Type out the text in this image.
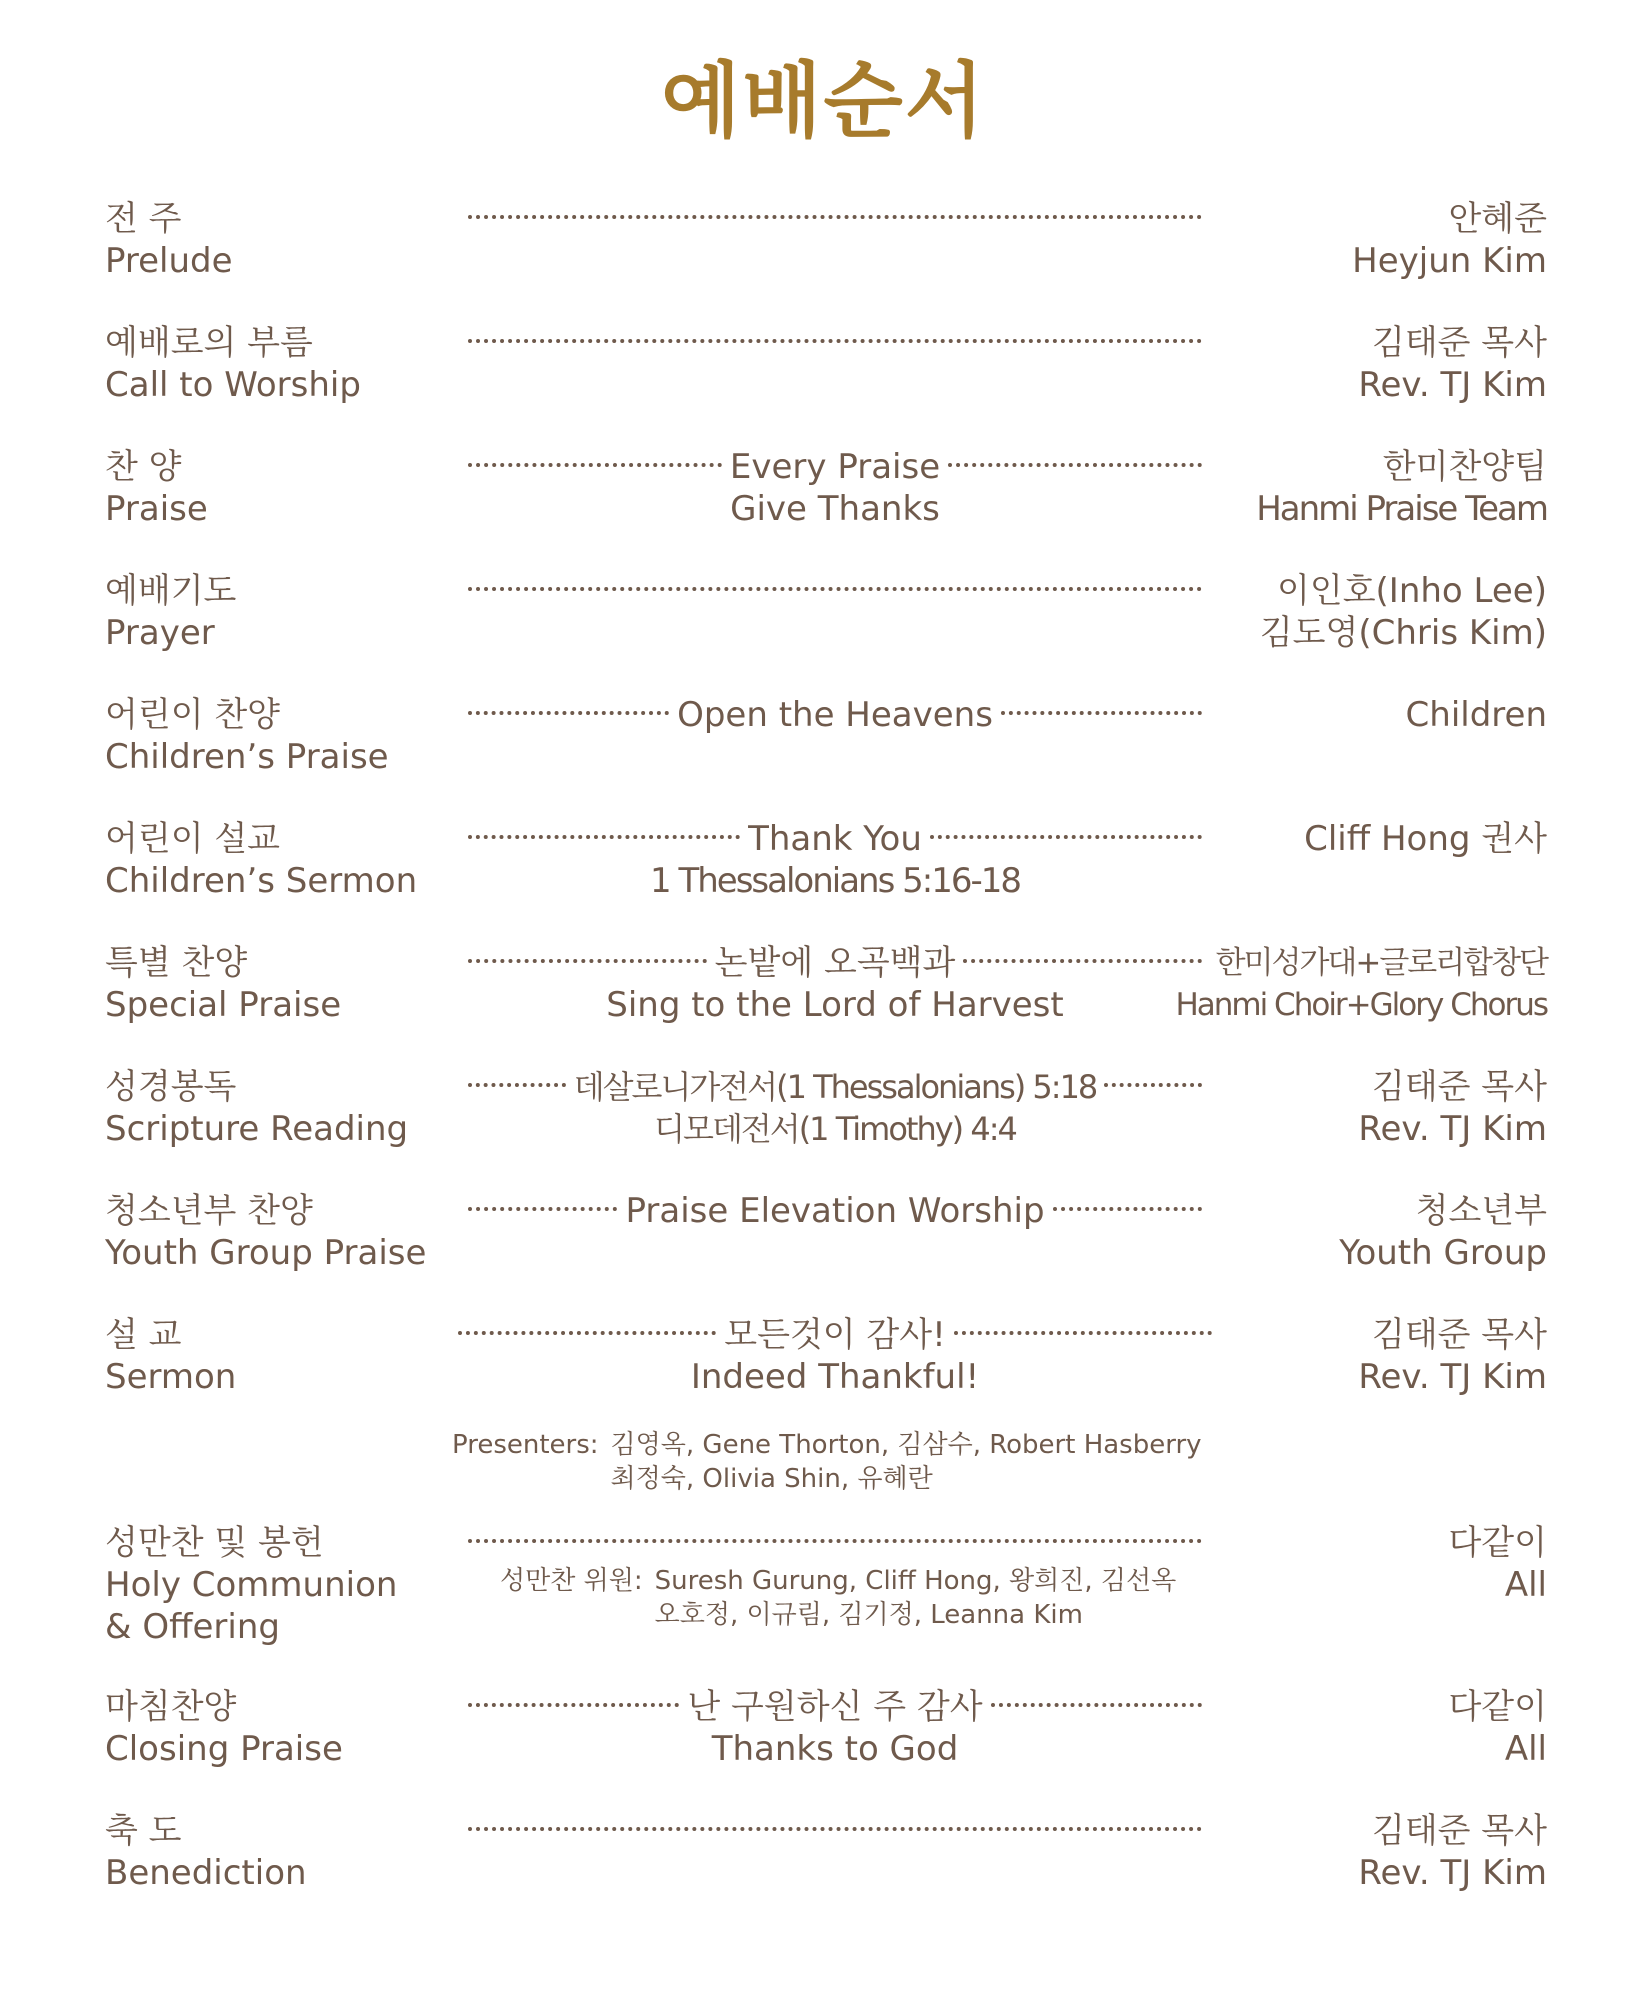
예배순서
전 주
Prelude
안혜준
Heyjun Kim
예배로의 부름
Call to Worship
김태준 목사
Rev. TJ Kim
찬 양
Praise
Every Praise
Give Thanks
한미찬양팀
Hanmi Praise Team
예배기도
Prayer
이인호(Inho Lee)
김도영(Chris Kim)
어린이 찬양
Children’s Praise
Open the Heavens	Children
어린이 설교
Children’s Sermon
Thank You
1 Thessalonians 5:16-18
Cliff Hong 권사
특별 찬양
Special Praise
논밭에 오곡백과
Sing to the Lord of Harvest
한미성가대+글로리합창단
Hanmi Choir+Glory Chorus
성경봉독
Scripture Reading
데살로니가전서(1 Thessalonians) 5:18
디모데전서(1 Timothy) 4:4
김태준 목사
Rev. TJ Kim
청소년부 찬양
Youth Group Praise
Praise Elevation Worship	청소년부
Youth Group
설 교
Sermon
모든것이 감사!
Indeed Thankful!
김태준 목사
Rev. TJ Kim
Presenters: 김영옥, Gene Thorton, 김삼수, Robert Hasberry
최정숙, Olivia Shin, 유혜란
성만찬 및 봉헌
Holy Communion
& Offering
다같이
All
성만찬 위원: Suresh Gurung, Cliff Hong, 왕희진, 김선옥
오호정, 이규림, 김기정, Leanna Kim
마침찬양
Closing Praise
난 구원하신 주 감사
Thanks to God
다같이
All
축 도
Benediction
김태준 목사
Rev. TJ Kim
